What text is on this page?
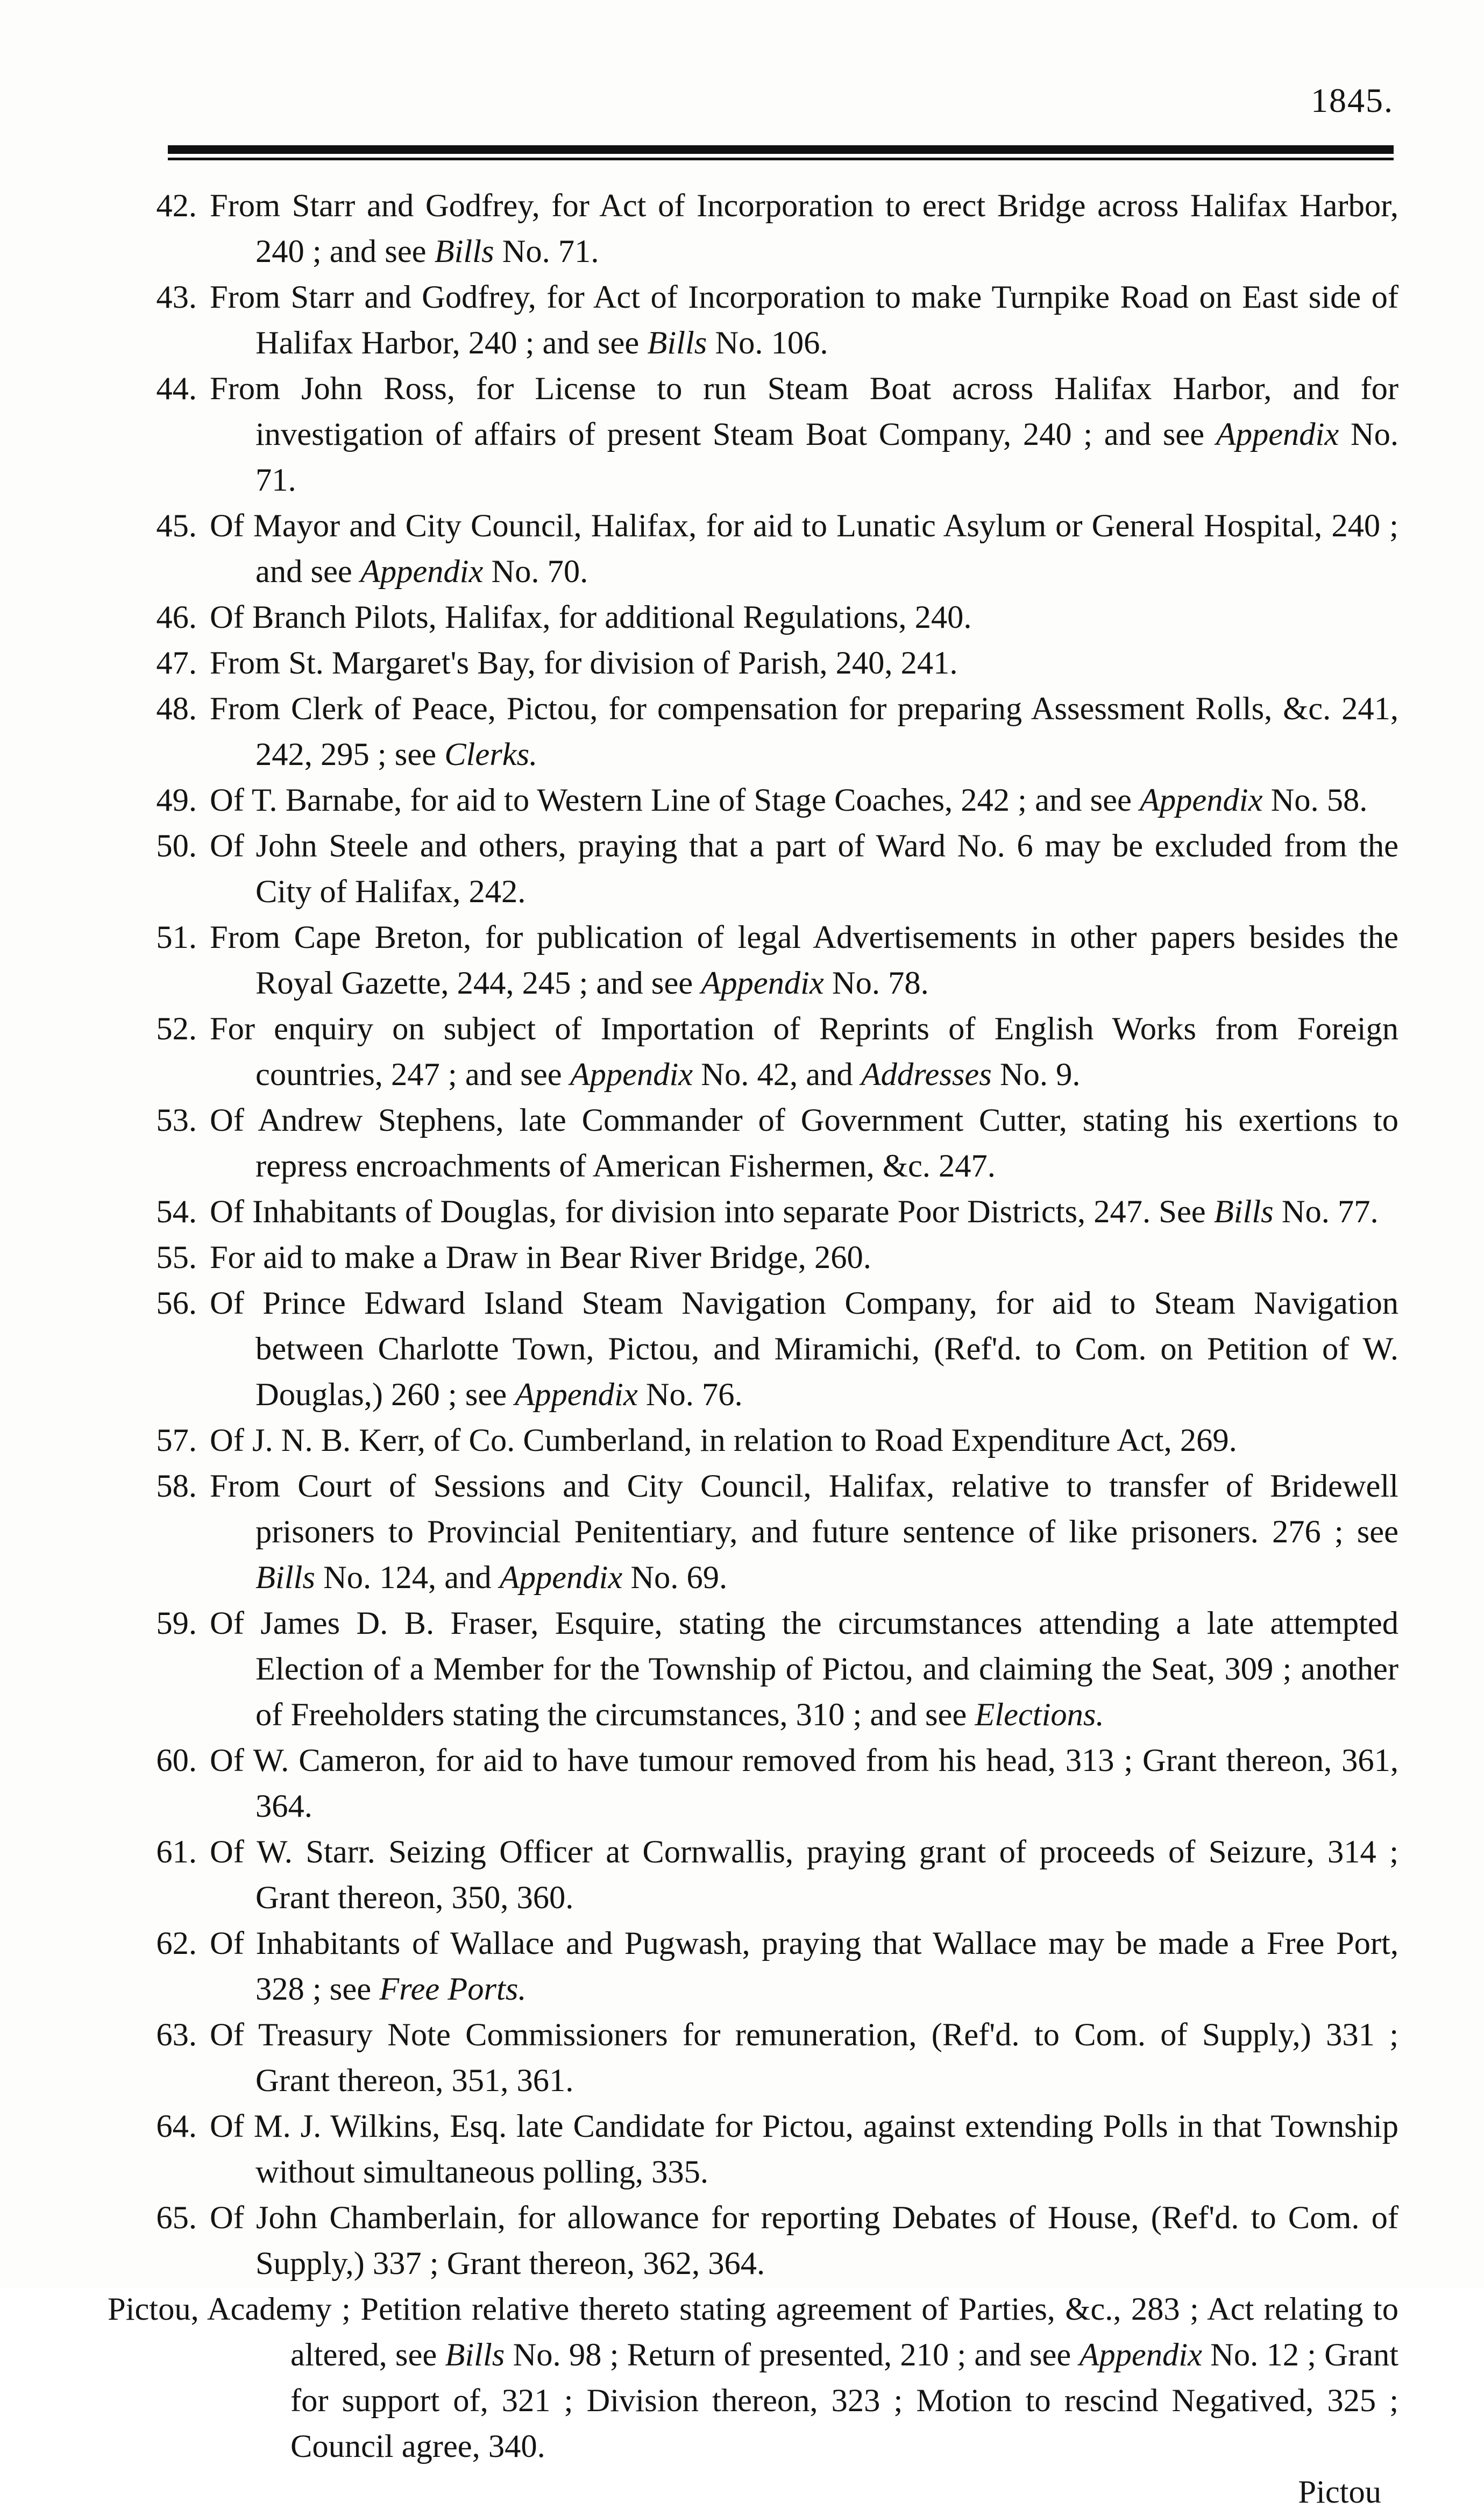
1845.
42. From Starr and Godfrey, for Act of Incorporation to erect Bridge across Halifax Harbor, 240 ; and see Bills No. 71.
43. From Starr and Godfrey, for Act of Incorporation to make Turnpike Road on East side of Halifax Harbor, 240 ; and see Bills No. 106.
44. From John Ross, for License to run Steam Boat across Halifax Harbor, and for investigation of affairs of present Steam Boat Company, 240 ; and see Appendix No. 71.
45. Of Mayor and City Council, Halifax, for aid to Lunatic Asylum or General Hospital, 240 ; and see Appendix No. 70.
46. Of Branch Pilots, Halifax, for additional Regulations, 240.
47. From St. Margaret's Bay, for division of Parish, 240, 241.
48. From Clerk of Peace, Pictou, for compensation for preparing Assessment Rolls, &c. 241, 242, 295 ; see Clerks.
49. Of T. Barnabe, for aid to Western Line of Stage Coaches, 242 ; and see Appendix No. 58.
50. Of John Steele and others, praying that a part of Ward No. 6 may be excluded from the City of Halifax, 242.
51. From Cape Breton, for publication of legal Advertisements in other papers besides the Royal Gazette, 244, 245 ; and see Appendix No. 78.
52. For enquiry on subject of Importation of Reprints of English Works from Foreign countries, 247 ; and see Appendix No. 42, and Addresses No. 9.
53. Of Andrew Stephens, late Commander of Government Cutter, stating his exertions to repress encroachments of American Fishermen, &c. 247.
54. Of Inhabitants of Douglas, for division into separate Poor Districts, 247. See Bills No. 77.
55. For aid to make a Draw in Bear River Bridge, 260.
56. Of Prince Edward Island Steam Navigation Company, for aid to Steam Navigation between Charlotte Town, Pictou, and Miramichi, (Ref'd. to Com. on Petition of W. Douglas,) 260 ; see Appendix No. 76.
57. Of J. N. B. Kerr, of Co. Cumberland, in relation to Road Expenditure Act, 269.
58. From Court of Sessions and City Council, Halifax, relative to transfer of Bridewell prisoners to Provincial Penitentiary, and future sentence of like prisoners. 276 ; see Bills No. 124, and Appendix No. 69.
59. Of James D. B. Fraser, Esquire, stating the circumstances attending a late attempted Election of a Member for the Township of Pictou, and claiming the Seat, 309 ; another of Freeholders stating the circumstances, 310 ; and see Elections.
60. Of W. Cameron, for aid to have tumour removed from his head, 313 ; Grant thereon, 361, 364.
61. Of W. Starr. Seizing Officer at Cornwallis, praying grant of proceeds of Seizure, 314 ; Grant thereon, 350, 360.
62. Of Inhabitants of Wallace and Pugwash, praying that Wallace may be made a Free Port, 328 ; see Free Ports.
63. Of Treasury Note Commissioners for remuneration, (Ref'd. to Com. of Supply,) 331 ; Grant thereon, 351, 361.
64. Of M. J. Wilkins, Esq. late Candidate for Pictou, against extending Polls in that Township without simultaneous polling, 335.
65. Of John Chamberlain, for allowance for reporting Debates of House, (Ref'd. to Com. of Supply,) 337 ; Grant thereon, 362, 364.

Pictou, Academy ; Petition relative thereto stating agreement of Parties, &c., 283 ; Act relating to altered, see Bills No. 98 ; Return of presented, 210 ; and see Appendix No. 12 ; Grant for support of, 321 ; Division thereon, 323 ; Motion to rescind Negatived, 325 ; Council agree, 340.

Pictou
